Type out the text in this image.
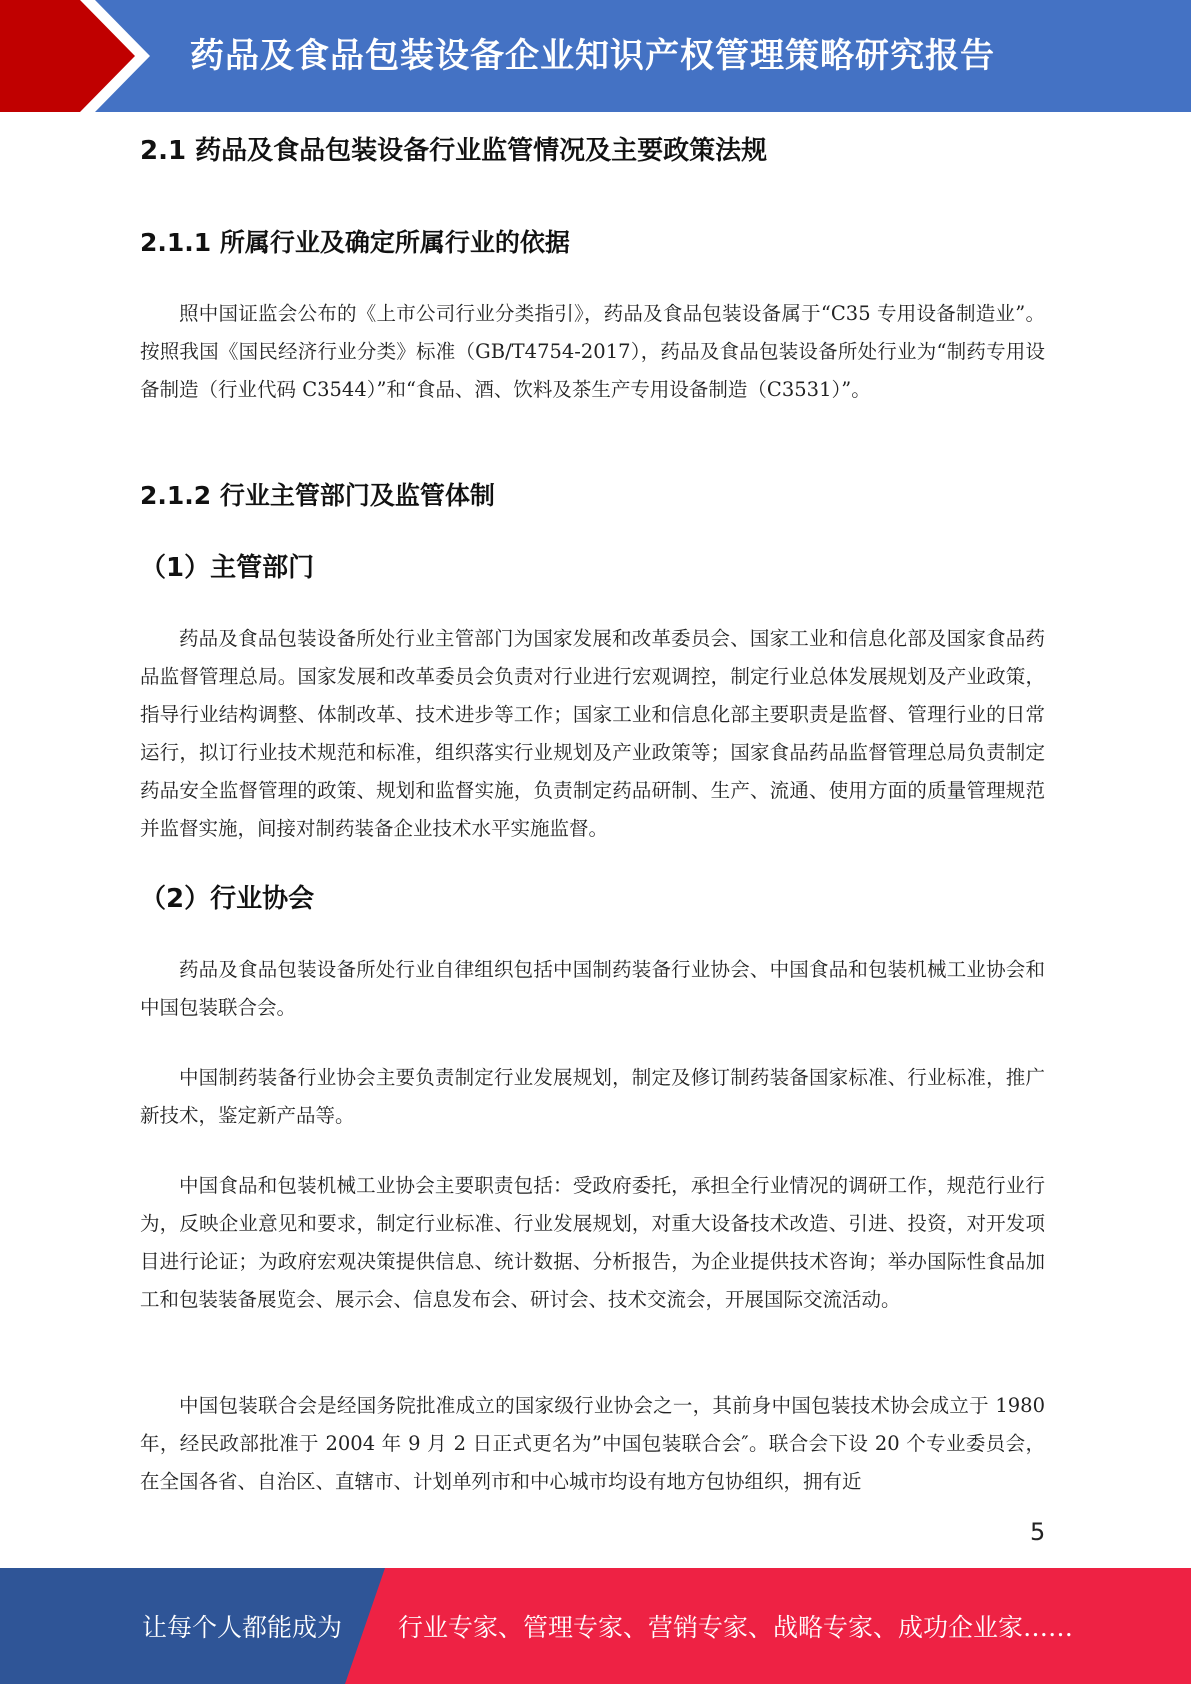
药品及食品包装设备企业知识产权管理策略研究报告
2.1 药品及食品包装设备行业监管情况及主要政策法规
2.1.1 所属行业及确定所属行业的依据

照中国证监会公布的《上市公司行业分类指引》，药品及食品包装设备属于“C35 专用设备制造业”。按照我国《国民经济行业分类》标准（GB/T4754-2017），药品及食品包装设备所处行业为“制药专用设备制造（行业代码 C3544）”和“食品、酒、饮料及茶生产专用设备制造（C3531）”。

2.1.2 行业主管部门及监管体制
（1）主管部门

药品及食品包装设备所处行业主管部门为国家发展和改革委员会、国家工业和信息化部及国家食品药品监督管理总局。国家发展和改革委员会负责对行业进行宏观调控，制定行业总体发展规划及产业政策，指导行业结构调整、体制改革、技术进步等工作；国家工业和信息化部主要职责是监督、管理行业的日常运行，拟订行业技术规范和标准，组织落实行业规划及产业政策等；国家食品药品监督管理总局负责制定药品安全监督管理的政策、规划和监督实施，负责制定药品研制、生产、流通、使用方面的质量管理规范并监督实施，间接对制药装备企业技术水平实施监督。

（2）行业协会

药品及食品包装设备所处行业自律组织包括中国制药装备行业协会、中国食品和包装机械工业协会和中国包装联合会。

中国制药装备行业协会主要负责制定行业发展规划，制定及修订制药装备国家标准、行业标准，推广新技术，鉴定新产品等。

中国食品和包装机械工业协会主要职责包括：受政府委托，承担全行业情况的调研工作，规范行业行为，反映企业意见和要求，制定行业标准、行业发展规划，对重大设备技术改造、引进、投资，对开发项目进行论证；为政府宏观决策提供信息、统计数据、分析报告，为企业提供技术咨询；举办国际性食品加工和包装装备展览会、展示会、信息发布会、研讨会、技术交流会，开展国际交流活动。

中国包装联合会是经国务院批准成立的国家级行业协会之一，其前身中国包装技术协会成立于 1980 年，经民政部批准于 2004 年 9 月 2 日正式更名为”中国包装联合会″。联合会下设 20 个专业委员会，在全国各省、自治区、直辖市、计划单列市和中心城市均设有地方包协组织，拥有近

5
让每个人都能成为 行业专家、管理专家、营销专家、战略专家、成功企业家……
